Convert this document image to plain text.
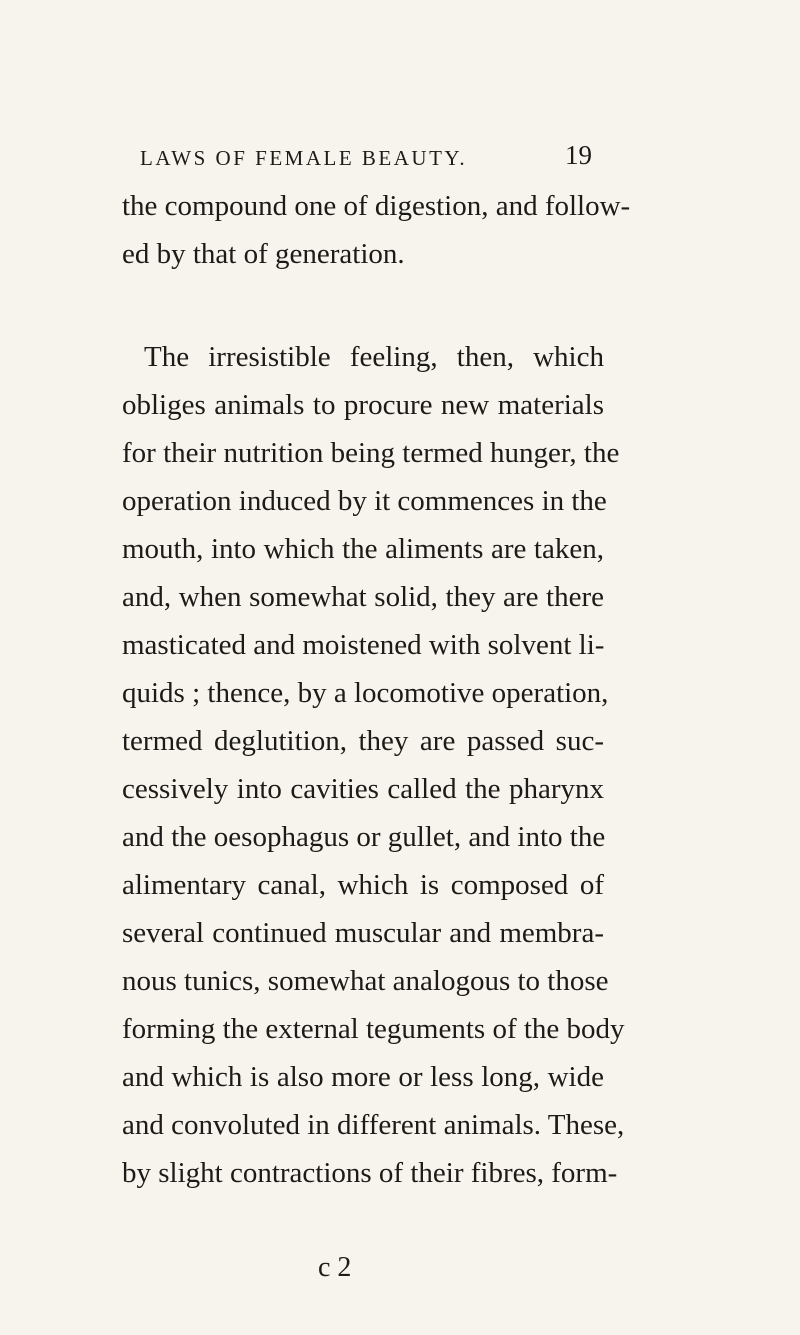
LAWS OF FEMALE BEAUTY.	19
the compound one of digestion, and follow-
ed by that of generation.
The irresistible feeling, then, which
obliges animals to procure new materials
for their nutrition being termed hunger, the
operation induced by it commences in the
mouth, into which the aliments are taken,
and, when somewhat solid, they are there
masticated and moistened with solvent li-
quids ; thence, by a locomotive operation,
termed deglutition, they are passed suc-
cessively into cavities called the pharynx
and the oesophagus or gullet, and into the
alimentary canal, which is composed of
several continued muscular and membra-
nous tunics, somewhat analogous to those
forming the external teguments of the body
and which is also more or less long, wide
and convoluted in different animals. These,
by slight contractions of their fibres, form-
c 2
